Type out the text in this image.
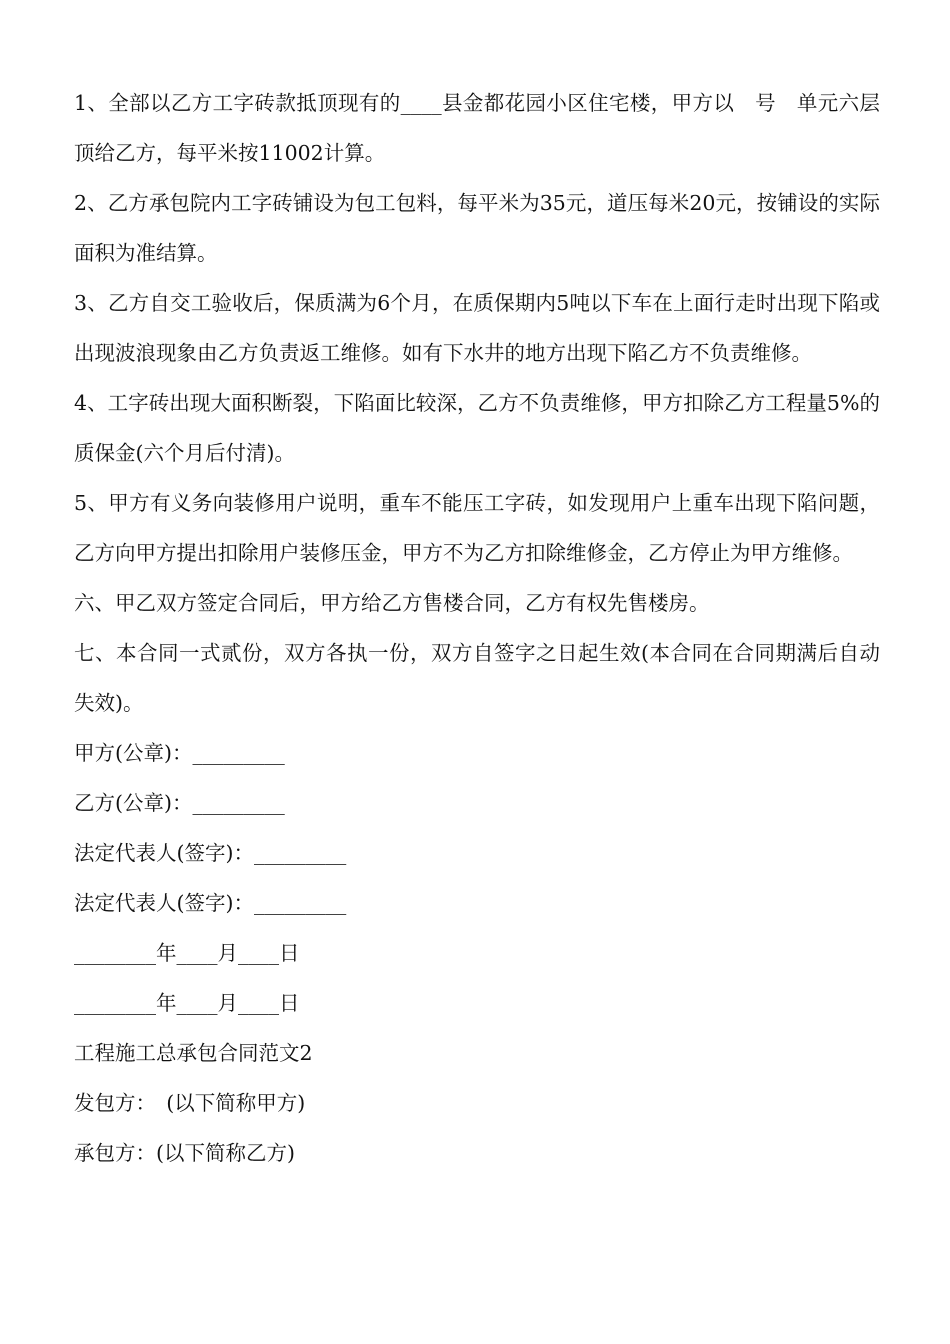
1、全部以乙方工字砖款抵顶现有的____县金都花园小区住宅楼，甲方以　号　单元六层顶给乙方，每平米按11002计算。

2、乙方承包院内工字砖铺设为包工包料，每平米为35元，道压每米20元，按铺设的实际面积为准结算。

3、乙方自交工验收后，保质满为6个月，在质保期内5吨以下车在上面行走时出现下陷或出现波浪现象由乙方负责返工维修。如有下水井的地方出现下陷乙方不负责维修。

4、工字砖出现大面积断裂，下陷面比较深，乙方不负责维修，甲方扣除乙方工程量5%的质保金(六个月后付清)。

5、甲方有义务向装修用户说明，重车不能压工字砖，如发现用户上重车出现下陷问题，乙方向甲方提出扣除用户装修压金，甲方不为乙方扣除维修金，乙方停止为甲方维修。

六、甲乙双方签定合同后，甲方给乙方售楼合同，乙方有权先售楼房。

七、本合同一式贰份，双方各执一份，双方自签字之日起生效(本合同在合同期满后自动失效)。

甲方(公章)：_________

乙方(公章)：_________

法定代表人(签字)：_________

法定代表人(签字)：_________

________年____月____日

________年____月____日

工程施工总承包合同范文2

发包方：　(以下简称甲方)

承包方：(以下简称乙方)
